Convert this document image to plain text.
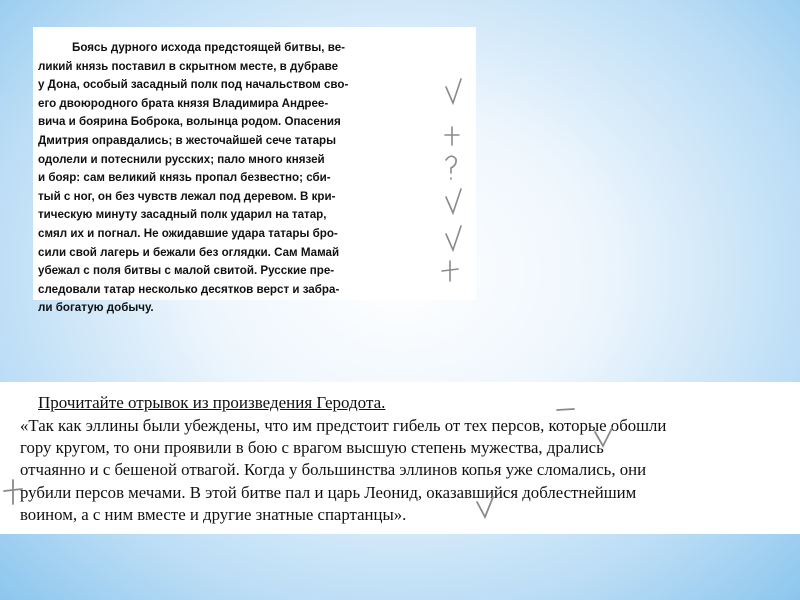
Боясь дурного исхода предстоящей битвы, ве-
ликий князь поставил в скрытном месте, в дубраве
у Дона, особый засадный полк под начальством сво-
его двоюродного брата князя Владимира Андрее-
вича и боярина Боброка, волынца родом. Опасения
Дмитрия оправдались; в жесточайшей сече татары
одолели и потеснили русских; пало много князей
и бояр: сам великий князь пропал безвестно; сби-
тый с ног, он без чувств лежал под деревом. В кри-
тическую минуту засадный полк ударил на татар,
смял их и погнал. Не ожидавшие удара татары бро-
сили свой лагерь и бежали без оглядки. Сам Мамай
убежал с поля битвы с малой свитой. Русские пре-
следовали татар несколько десятков верст и забра-
ли богатую добычу.
Прочитайте отрывок из произведения Геродота.
«Так как эллины были убеждены, что им предстоит гибель от тех персов, которые обошли
гору кругом, то они проявили в бою с врагом высшую степень мужества, дрались
отчаянно и с бешеной отвагой. Когда у большинства эллинов копья уже сломались, они
рубили персов мечами. В этой битве пал и царь Леонид, оказавшийся доблестнейшим
воином, а с ним вместе и другие знатные спартанцы».
